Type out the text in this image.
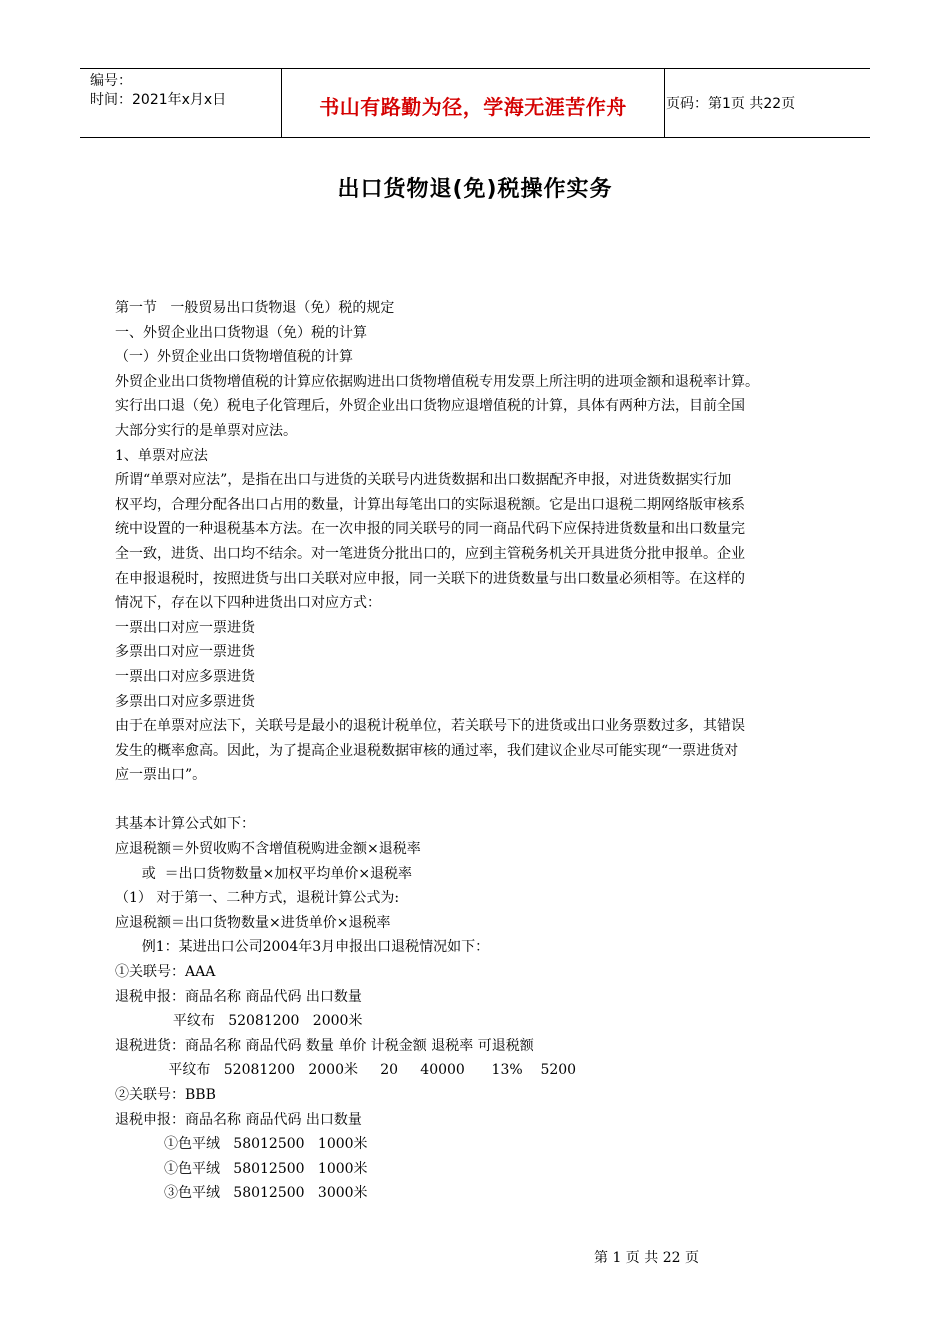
编号：
时间：2021年x月x日	书山有路勤为径，学海无涯苦作舟	页码：第1页 共22页
出口货物退(免)税操作实务
第一节   一般贸易出口货物退（免）税的规定
一、外贸企业出口货物退（免）税的计算
（一）外贸企业出口货物增值税的计算
外贸企业出口货物增值税的计算应依据购进出口货物增值税专用发票上所注明的进项金额和退税率计算。
实行出口退（免）税电子化管理后，外贸企业出口货物应退增值税的计算，具体有两种方法，目前全国
大部分实行的是单票对应法。
1、单票对应法
所谓“单票对应法”，是指在出口与进货的关联号内进货数据和出口数据配齐申报，对进货数据实行加
权平均，合理分配各出口占用的数量，计算出每笔出口的实际退税额。它是出口退税二期网络版审核系
统中设置的一种退税基本方法。在一次申报的同关联号的同一商品代码下应保持进货数量和出口数量完
全一致，进货、出口均不结余。对一笔进货分批出口的，应到主管税务机关开具进货分批申报单。企业
在申报退税时，按照进货与出口关联对应申报，同一关联下的进货数量与出口数量必须相等。在这样的
情况下，存在以下四种进货出口对应方式：
一票出口对应一票进货
多票出口对应一票进货
一票出口对应多票进货
多票出口对应多票进货
由于在单票对应法下，关联号是最小的退税计税单位，若关联号下的进货或出口业务票数过多，其错误
发生的概率愈高。因此，为了提高企业退税数据审核的通过率，我们建议企业尽可能实现“一票进货对
应一票出口”。
其基本计算公式如下：
应退税额＝外贸收购不含增值税购进金额×退税率
或  ＝出口货物数量×加权平均单价×退税率
（1） 对于第一、二种方式，退税计算公式为:
应退税额＝出口货物数量×进货单价×退税率
例1：某进出口公司2004年3月申报出口退税情况如下：
①关联号：AAA
退税申报：商品名称 商品代码 出口数量
平纹布   52081200   2000米
退税进货：商品名称 商品代码 数量 单价 计税金额 退税率 可退税额
平纹布   52081200   2000米     20     40000      13%    5200
②关联号：BBB
退税申报：商品名称 商品代码 出口数量
①色平绒   58012500   1000米
①色平绒   58012500   1000米
③色平绒   58012500   3000米
第 1 页 共 22 页
